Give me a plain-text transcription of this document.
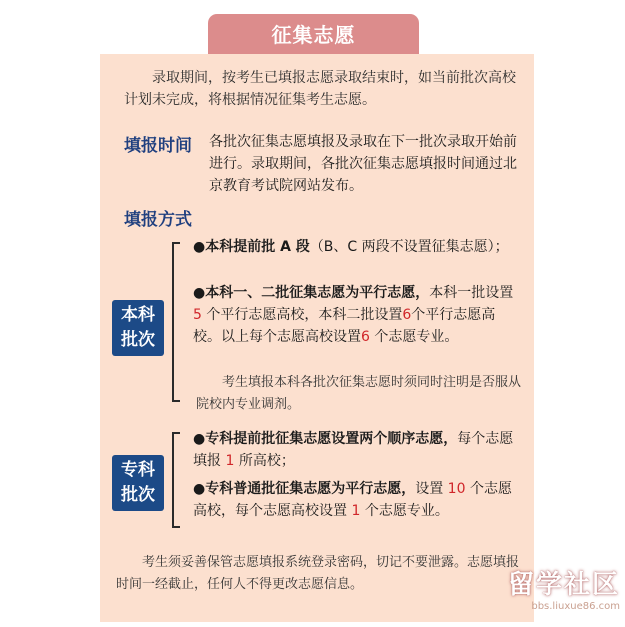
征集志愿

录取期间，按考生已填报志愿录取结束时，如当前批次高校计划未完成，将根据情况征集考生志愿。

填报时间 各批次征集志愿填报及录取在下一批次录取开始前进行。录取期间，各批次征集志愿填报时间通过北京教育考试院网站发布。

填报方式

本科
批次

●本科提前批 A 段（B、C 两段不设置征集志愿）；

●本科一、二批征集志愿为平行志愿，本科一批设置 5 个平行志愿高校，本科二批设置6个平行志愿高校。以上每个志愿高校设置6 个志愿专业。

考生填报本科各批次征集志愿时须同时注明是否服从院校内专业调剂。

专科
批次

●专科提前批征集志愿设置两个顺序志愿，每个志愿填报 1 所高校；

●专科普通批征集志愿为平行志愿，设置 10 个志愿高校，每个志愿高校设置 1 个志愿专业。

考生须妥善保管志愿填报系统登录密码，切记不要泄露。志愿填报时间一经截止，任何人不得更改志愿信息。	留学社区
bbs.liuxue86.com
